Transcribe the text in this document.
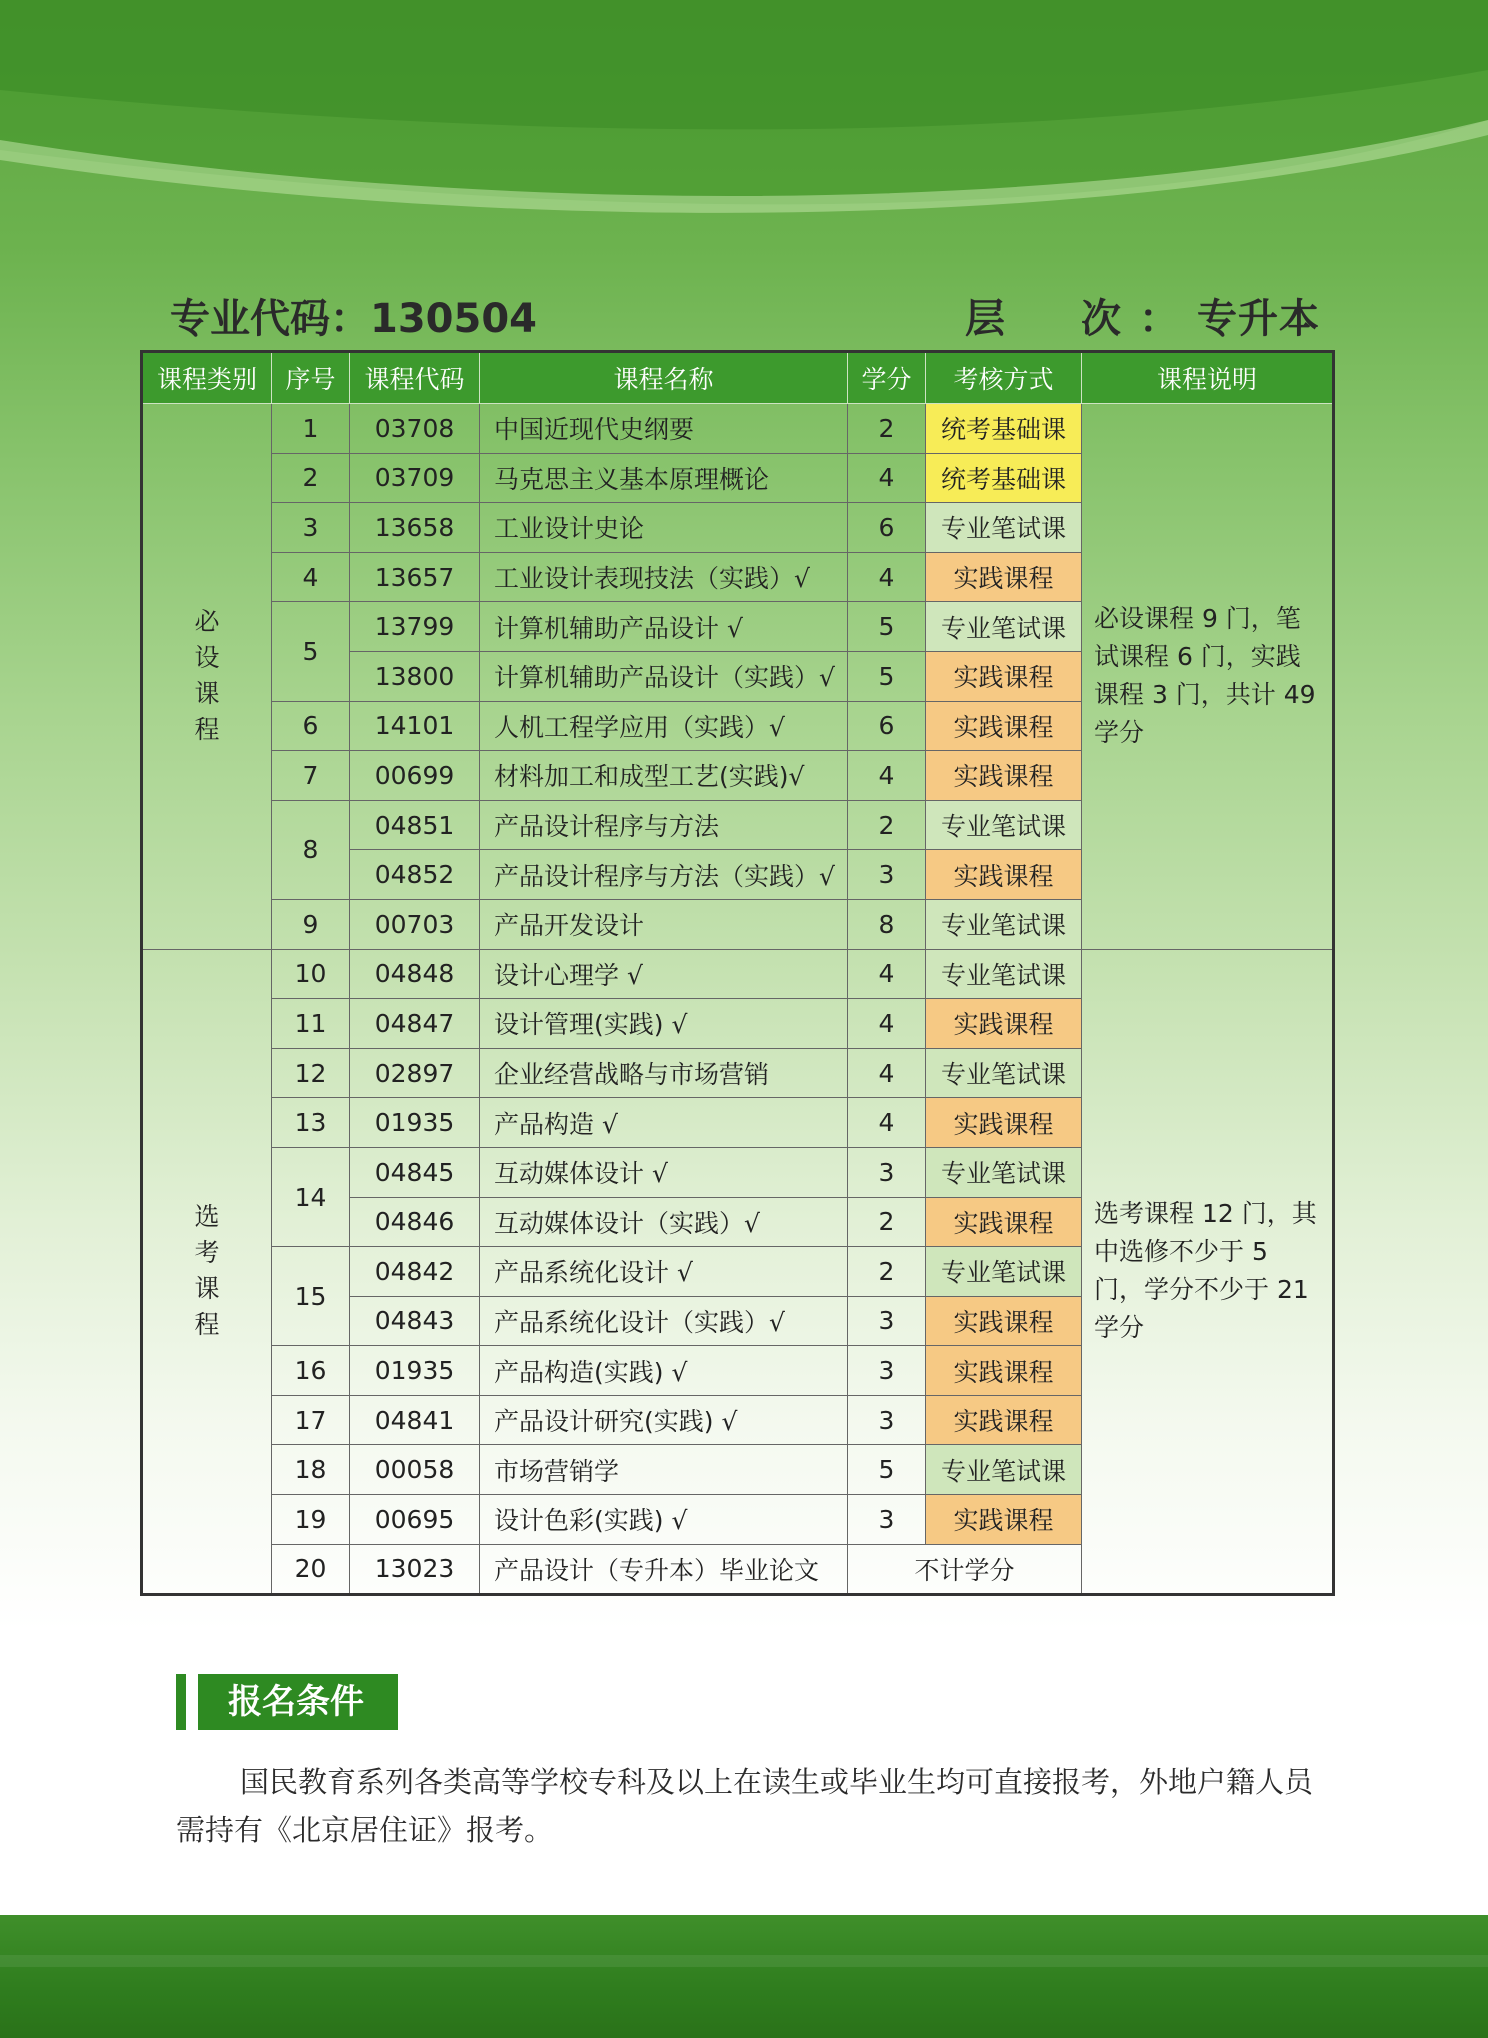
专业代码：130504	层　次：专升本
课程类别	序号	课程代码	课程名称	学分	考核方式	课程说明
必设课程	1	03708	中国近现代史纲要	2	统考基础课	必设课程 9 门，笔试课程 6 门，实践课程 3 门，共计 49 学分
	2	03709	马克思主义基本原理概论	4	统考基础课	
	3	13658	工业设计史论	6	专业笔试课	
	4	13657	工业设计表现技法（实践）√	4	实践课程	
	5	13799	计算机辅助产品设计 √	5	专业笔试课	
		13800	计算机辅助产品设计（实践）√	5	实践课程	
	6	14101	人机工程学应用（实践）√	6	实践课程	
	7	00699	材料加工和成型工艺(实践)√	4	实践课程	
	8	04851	产品设计程序与方法	2	专业笔试课	
		04852	产品设计程序与方法（实践）√	3	实践课程	
	9	00703	产品开发设计	8	专业笔试课	
选考课程	10	04848	设计心理学 √	4	专业笔试课	选考课程 12 门，其中选修不少于 5 门，学分不少于 21 学分
	11	04847	设计管理(实践) √	4	实践课程	
	12	02897	企业经营战略与市场营销	4	专业笔试课	
	13	01935	产品构造 √	4	实践课程	
	14	04845	互动媒体设计 √	3	专业笔试课	
		04846	互动媒体设计（实践）√	2	实践课程	
	15	04842	产品系统化设计 √	2	专业笔试课	
		04843	产品系统化设计（实践）√	3	实践课程	
	16	01935	产品构造(实践) √	3	实践课程	
	17	04841	产品设计研究(实践) √	3	实践课程	
	18	00058	市场营销学	5	专业笔试课	
	19	00695	设计色彩(实践) √	3	实践课程	
	20	13023	产品设计（专升本）毕业论文	不计学分		
报名条件
国民教育系列各类高等学校专科及以上在读生或毕业生均可直接报考，外地户籍人员需持有《北京居住证》报考。
